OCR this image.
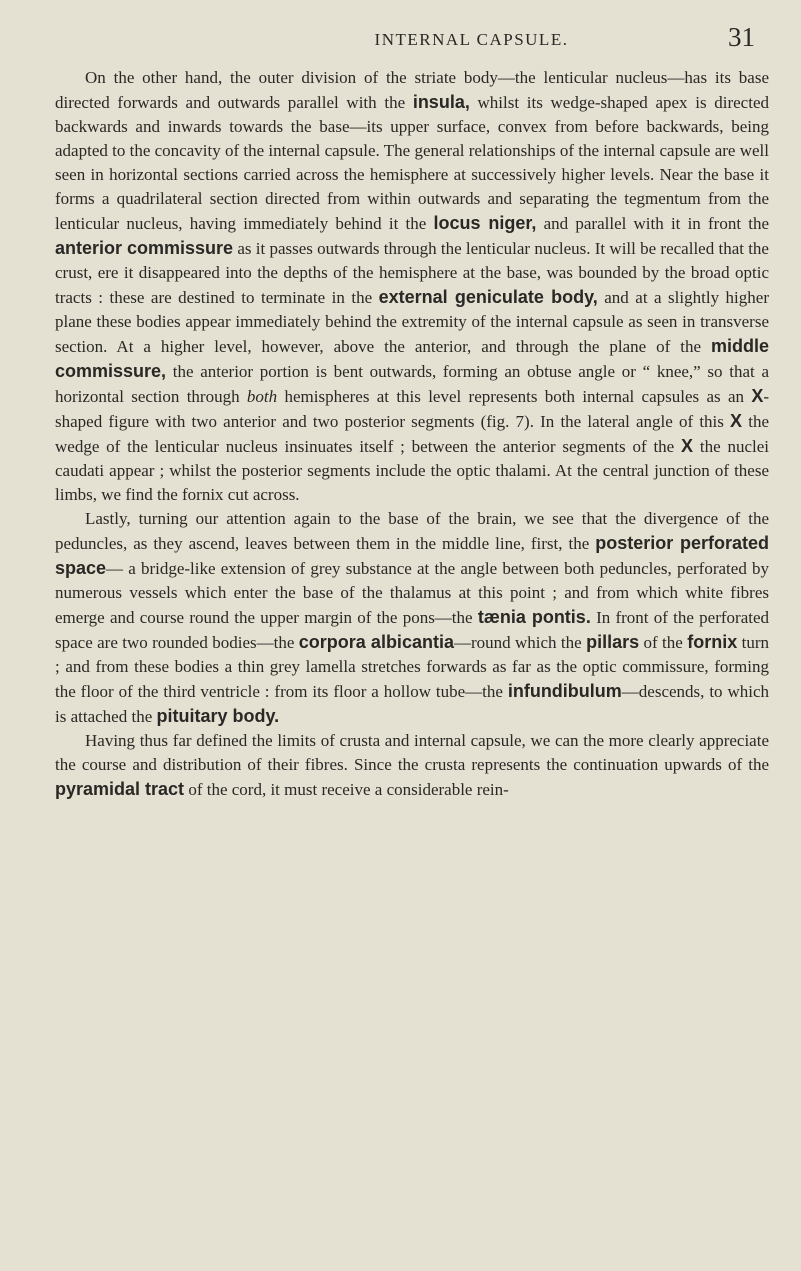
INTERNAL CAPSULE.	31

On the other hand, the outer division of the striate body—the lenticular nucleus—has its base directed forwards and outwards parallel with the insula, whilst its wedge-shaped apex is directed backwards and inwards towards the base—its upper surface, convex from before backwards, being adapted to the concavity of the internal capsule. The general relationships of the internal capsule are well seen in horizontal sections carried across the hemisphere at successively higher levels. Near the base it forms a quadrilateral section directed from within outwards and separating the tegmentum from the lenticular nucleus, having immediately behind it the locus niger, and parallel with it in front the anterior commissure as it passes outwards through the lenticular nucleus. It will be recalled that the crust, ere it disappeared into the depths of the hemisphere at the base, was bounded by the broad optic tracts : these are destined to terminate in the external geniculate body, and at a slightly higher plane these bodies appear immediately behind the extremity of the internal capsule as seen in transverse section. At a higher level, however, above the anterior, and through the plane of the middle commissure, the anterior portion is bent outwards, forming an obtuse angle or “ knee,” so that a horizontal section through both hemispheres at this level represents both internal capsules as an X-shaped figure with two anterior and two posterior segments (fig. 7). In the lateral angle of this X the wedge of the lenticular nucleus insinuates itself ; between the anterior segments of the X the nuclei caudati appear ; whilst the posterior segments include the optic thalami. At the central junction of these limbs, we find the fornix cut across.

Lastly, turning our attention again to the base of the brain, we see that the divergence of the peduncles, as they ascend, leaves between them in the middle line, first, the posterior perforated space— a bridge-like extension of grey substance at the angle between both peduncles, perforated by numerous vessels which enter the base of the thalamus at this point ; and from which white fibres emerge and course round the upper margin of the pons—the tænia pontis. In front of the perforated space are two rounded bodies—the corpora albicantia—round which the pillars of the fornix turn ; and from these bodies a thin grey lamella stretches forwards as far as the optic commissure, forming the floor of the third ventricle : from its floor a hollow tube—the infundibulum—descends, to which is attached the pituitary body.

Having thus far defined the limits of crusta and internal capsule, we can the more clearly appreciate the course and distribution of their fibres. Since the crusta represents the continuation upwards of the pyramidal tract of the cord, it must receive a considerable rein-
